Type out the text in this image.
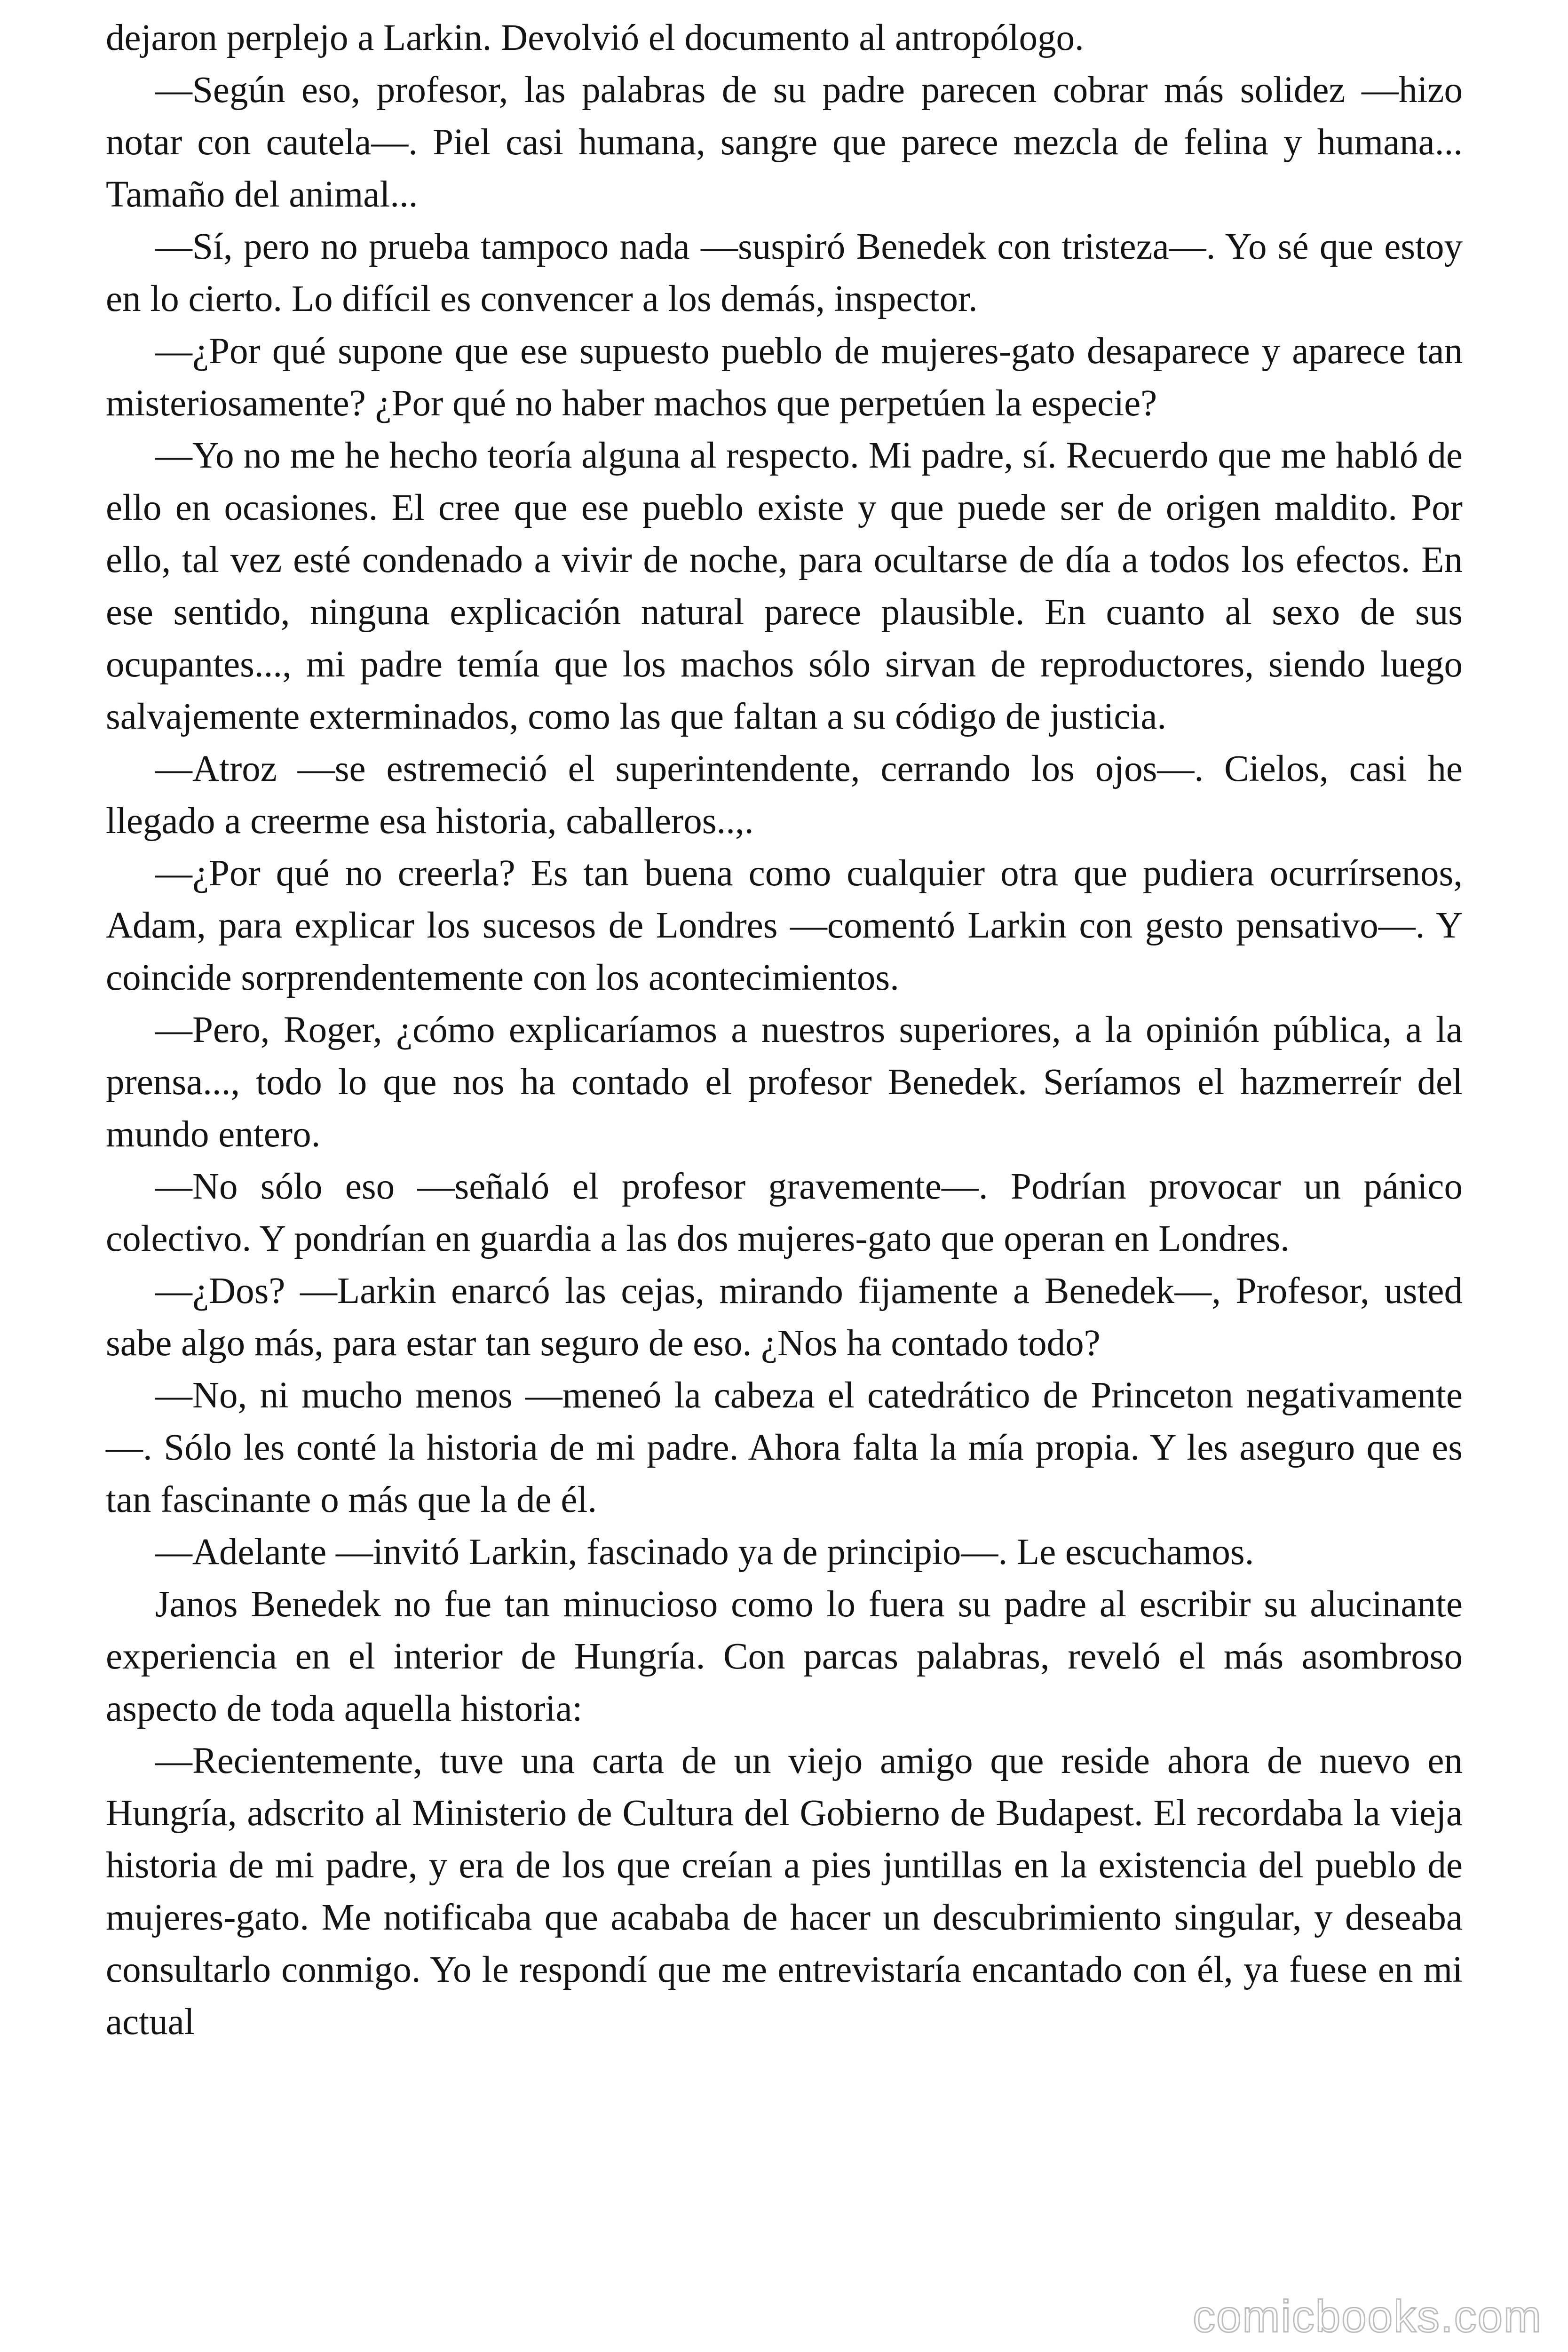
dejaron perplejo a Larkin. Devolvió el documento al antropólogo.

—Según eso, profesor, las palabras de su padre parecen cobrar más solidez —hizo notar con cautela—. Piel casi humana, sangre que parece mezcla de felina y humana... Tamaño del animal...

—Sí, pero no prueba tampoco nada —suspiró Benedek con tristeza—. Yo sé que estoy en lo cierto. Lo difícil es convencer a los demás, inspector.

—¿Por qué supone que ese supuesto pueblo de mujeres-gato desaparece y aparece tan misteriosamente? ¿Por qué no haber machos que perpetúen la especie?

—Yo no me he hecho teoría alguna al respecto. Mi padre, sí. Recuerdo que me habló de ello en ocasiones. El cree que ese pueblo existe y que puede ser de origen maldito. Por ello, tal vez esté condenado a vivir de noche, para ocultarse de día a todos los efectos. En ese sentido, ninguna explicación natural parece plausible. En cuanto al sexo de sus ocupantes..., mi padre temía que los machos sólo sirvan de reproductores, siendo luego salvajemente exterminados, como las que faltan a su código de justicia.

—Atroz —se estremeció el superintendente, cerrando los ojos—. Cielos, casi he llegado a creerme esa historia, caballeros..,.

—¿Por qué no creerla? Es tan buena como cualquier otra que pudiera ocurrírsenos, Adam, para explicar los sucesos de Londres —comentó Larkin con gesto pensativo—. Y coincide sorprendentemente con los acontecimientos.

—Pero, Roger, ¿cómo explicaríamos a nuestros superiores, a la opinión pública, a la prensa..., todo lo que nos ha contado el profesor Benedek. Seríamos el hazmerreír del mundo entero.

—No sólo eso —señaló el profesor gravemente—. Podrían provocar un pánico colectivo. Y pondrían en guardia a las dos mujeres-gato que operan en Londres.

—¿Dos? —Larkin enarcó las cejas, mirando fijamente a Benedek—, Profesor, usted sabe algo más, para estar tan seguro de eso. ¿Nos ha contado todo?

—No, ni mucho menos —meneó la cabeza el catedrático de Princeton negativamente—. Sólo les conté la historia de mi padre. Ahora falta la mía propia. Y les aseguro que es tan fascinante o más que la de él.

—Adelante —invitó Larkin, fascinado ya de principio—. Le escuchamos.

Janos Benedek no fue tan minucioso como lo fuera su padre al escribir su alucinante experiencia en el interior de Hungría. Con parcas palabras, reveló el más asombroso aspecto de toda aquella historia:

—Recientemente, tuve una carta de un viejo amigo que reside ahora de nuevo en Hungría, adscrito al Ministerio de Cultura del Gobierno de Budapest. El recordaba la vieja historia de mi padre, y era de los que creían a pies juntillas en la existencia del pueblo de mujeres-gato. Me notificaba que acababa de hacer un descubrimiento singular, y deseaba consultarlo conmigo. Yo le respondí que me entrevistaría encantado con él, ya fuese en mi actual

comicbooks.com
